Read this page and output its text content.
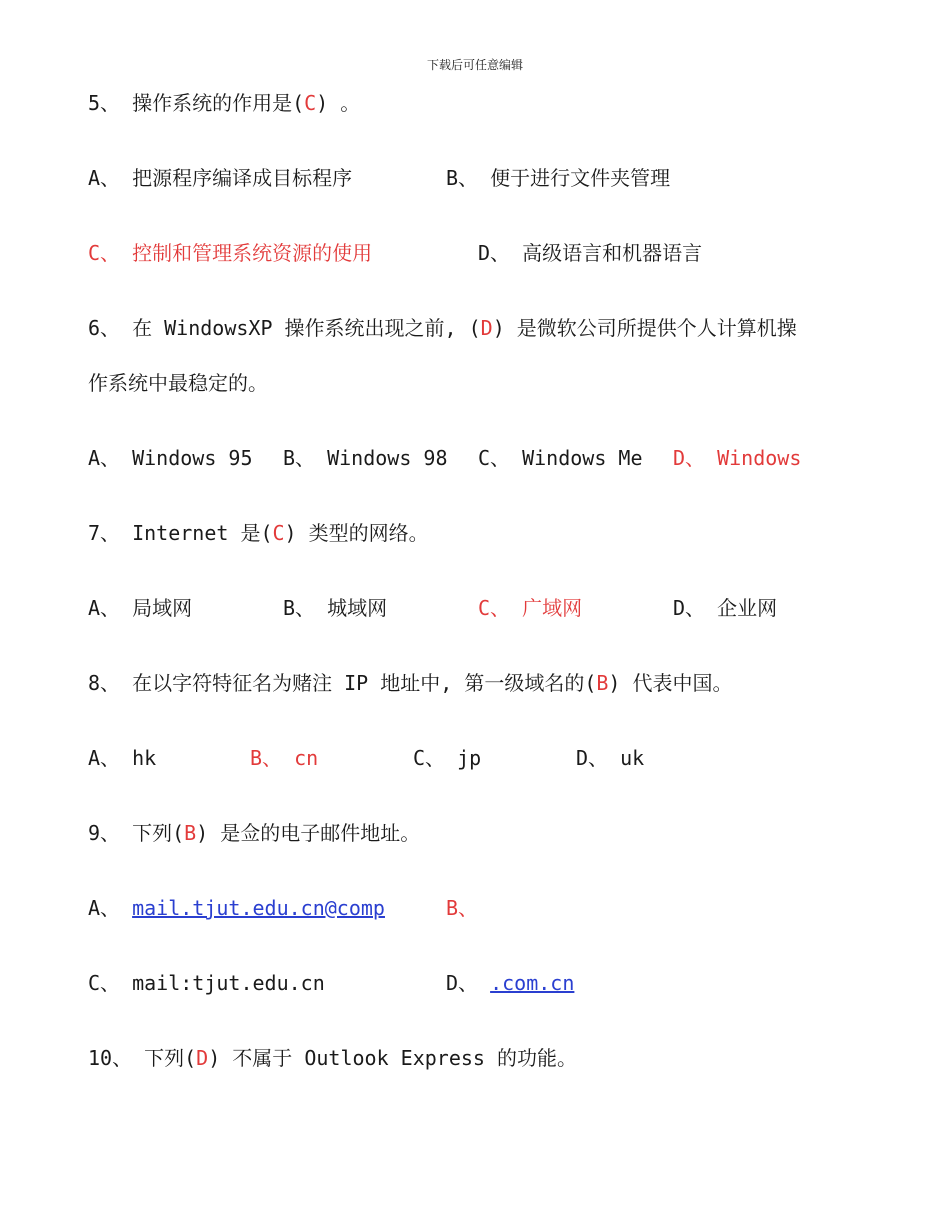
下载后可任意编辑
5、 操作系统的作用是(C) 。
A、 把源程序编译成目标程序	B、 便于进行文件夹管理
C、 控制和管理系统资源的使用	D、 高级语言和机器语言
6、 在 WindowsXP 操作系统出现之前, (D) 是微软公司所提供个人计算机操
作系统中最稳定的。
A、 Windows 95 B、 Windows 98 C、 Windows Me D、 Windows
7、 Internet 是(C) 类型的网络。
A、 局域网	B、 城域网	C、 广域网	D、 企业网
8、 在以字符特征名为赌注 IP 地址中, 第一级域名的(B) 代表中国。
A、 hk	B、 cn	C、 jp	D、 uk
9、 下列(B) 是佥的电子邮件地址。
A、 mail.tjut.edu.cn@comp	B、
C、 mail:tjut.edu.cn	D、 .com.cn
10、 下列(D) 不属于 Outlook Express 的功能。
